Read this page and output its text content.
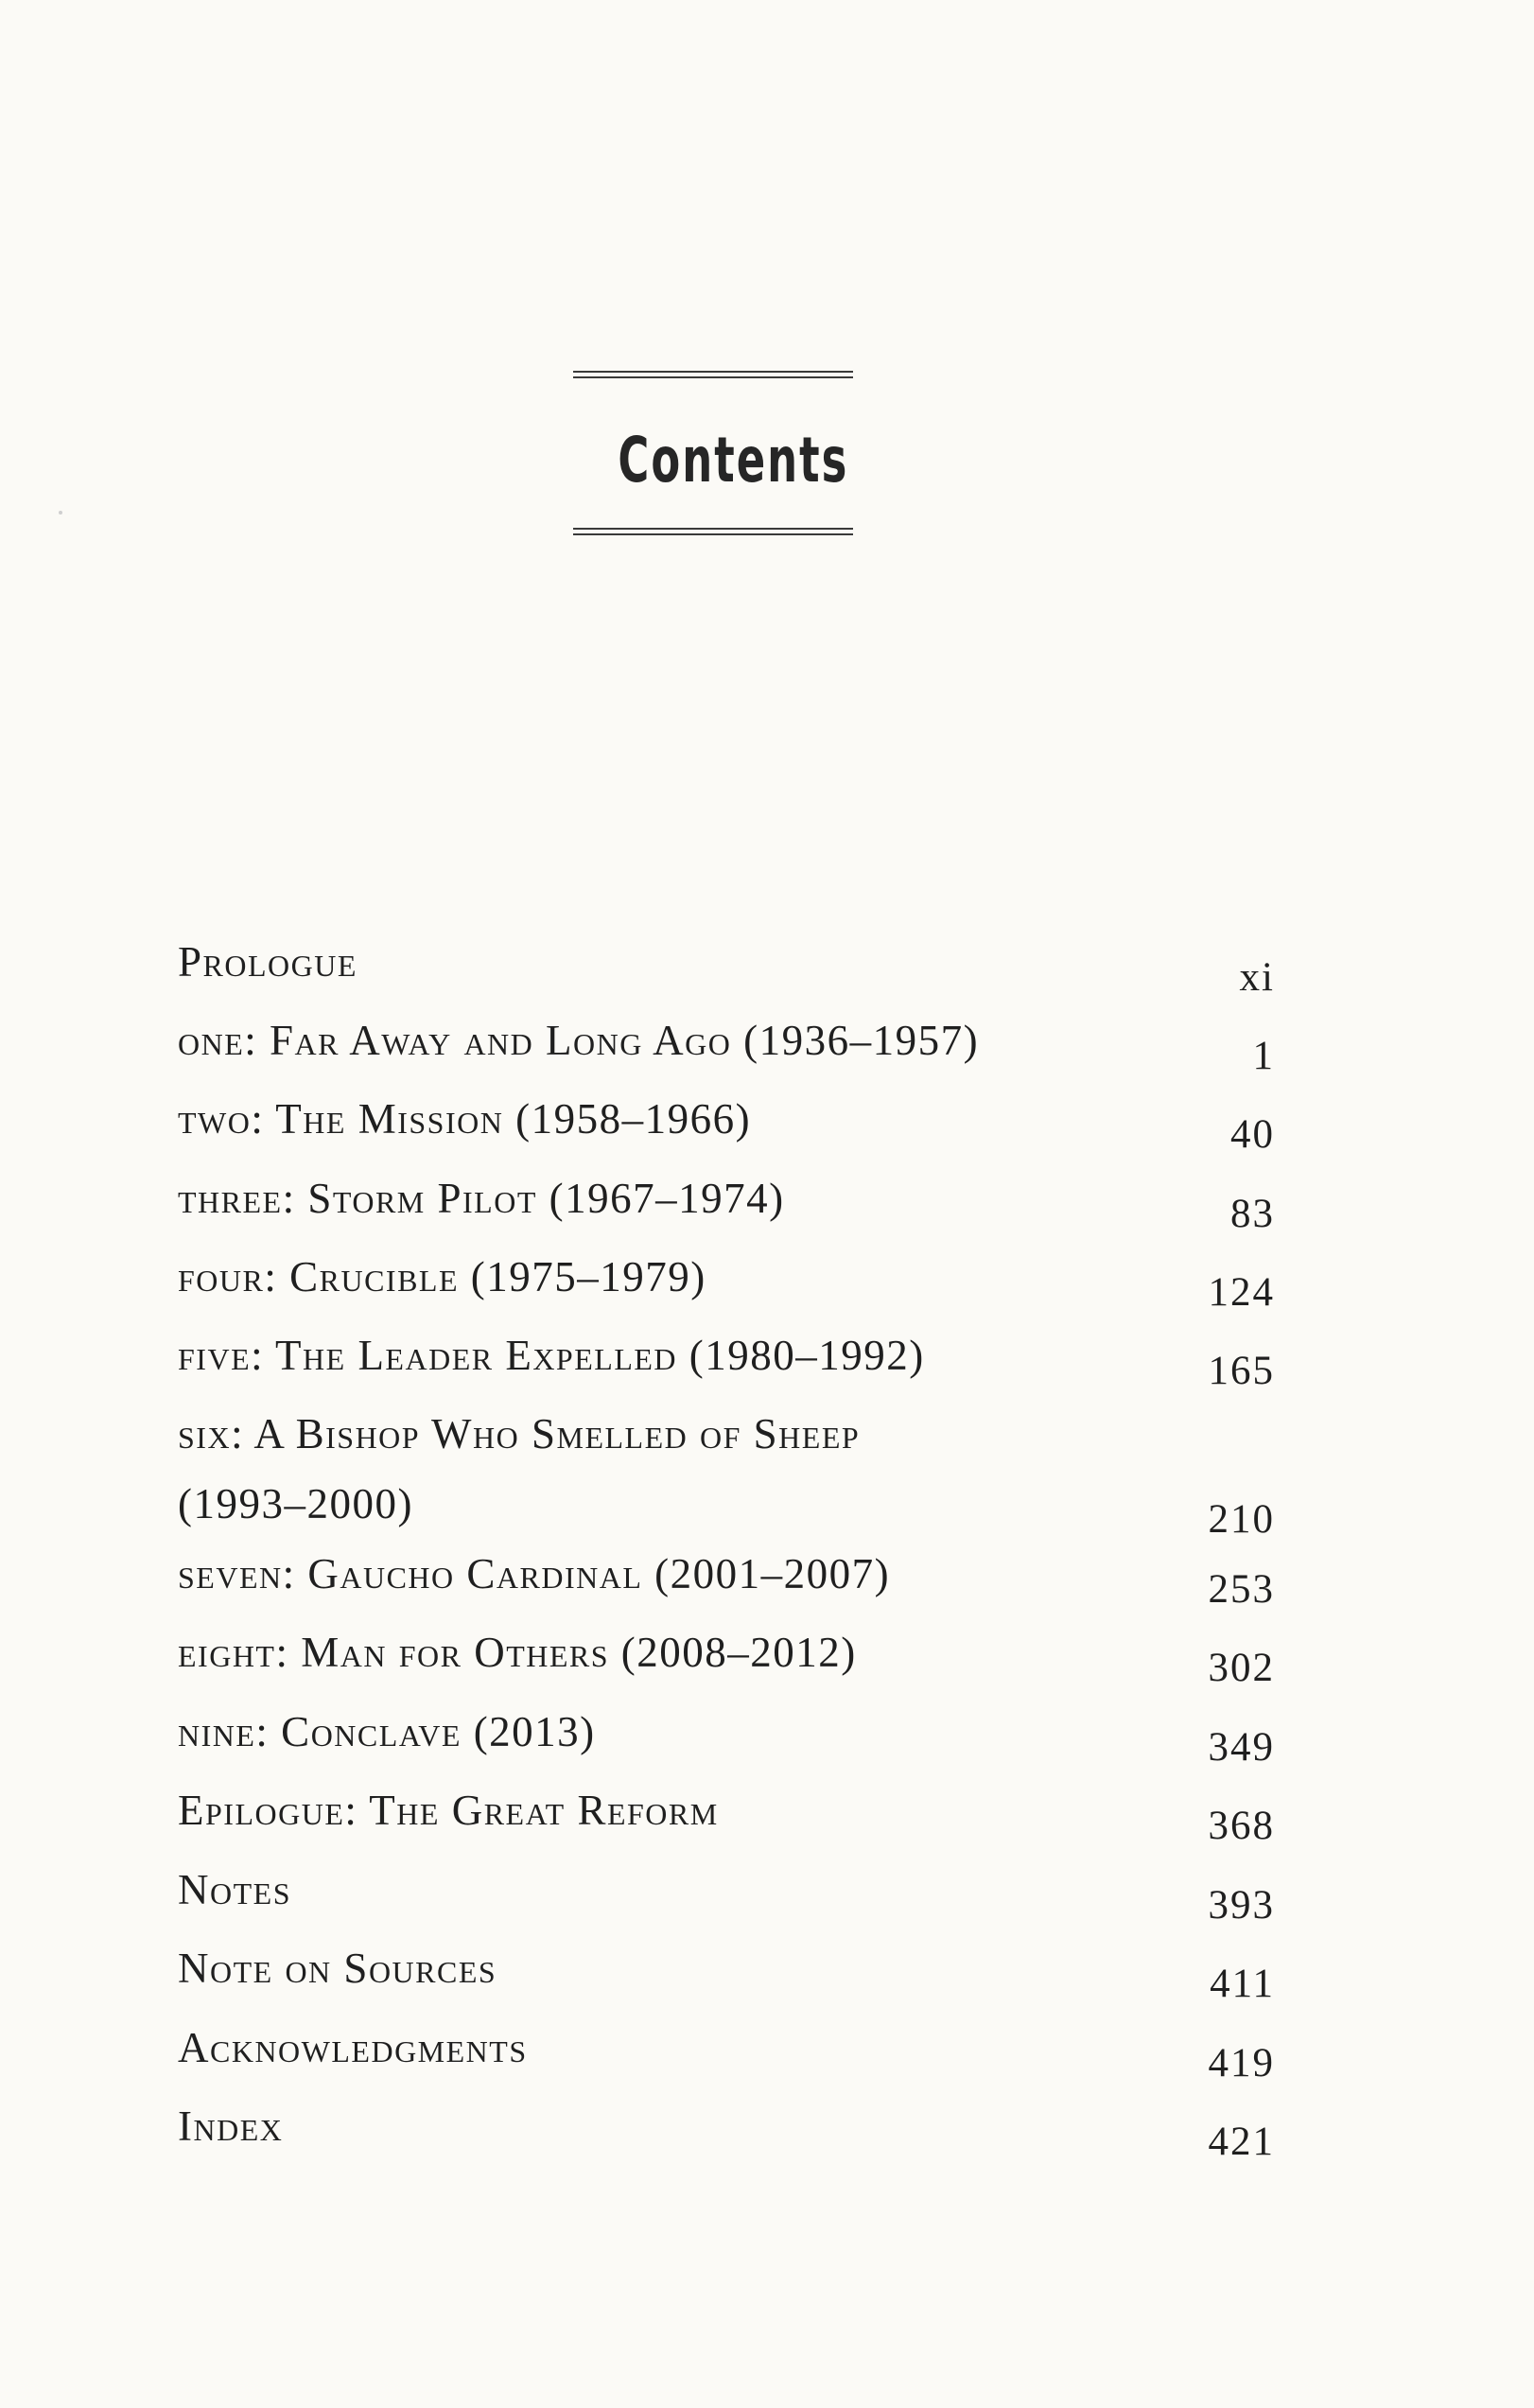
Contents
Prologue	xi
one: Far Away and Long Ago (1936–1957)	1
two: The Mission (1958–1966)	40
three: Storm Pilot (1967–1974)	83
four: Crucible (1975–1979)	124
five: The Leader Expelled (1980–1992)	165
six: A Bishop Who Smelled of Sheep
(1993–2000)	210
seven: Gaucho Cardinal (2001–2007)	253
eight: Man for Others (2008–2012)	302
nine: Conclave (2013)	349
Epilogue: The Great Reform	368
Notes	393
Note on Sources	411
Acknowledgments	419
Index	421
